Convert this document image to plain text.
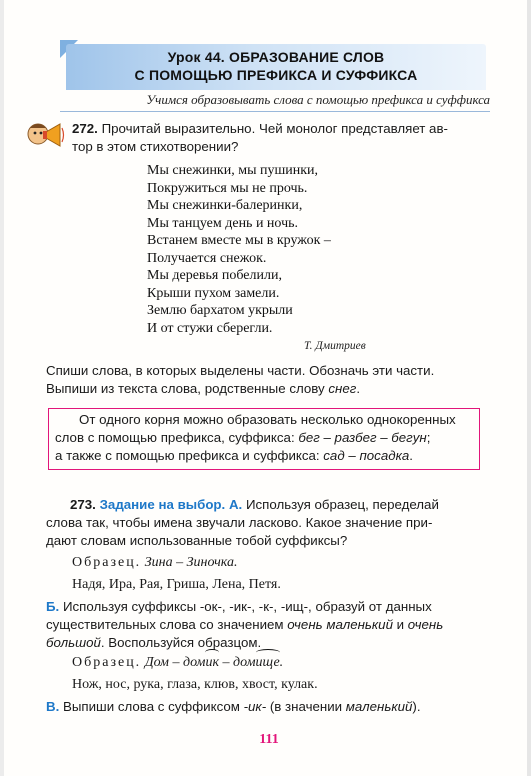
Урок 44. ОБРАЗОВАНИЕ СЛОВ
С ПОМОЩЬЮ ПРЕФИКСА И СУФФИКСА
Учимся образовывать слова с помощью префикса и суффикса
272. Прочитай выразительно. Чей монолог представляет ав-
тор в этом стихотворении?
Мы снежинки, мы пушинки,
Покружиться мы не прочь.
Мы снежинки-балеринки,
Мы танцуем день и ночь.
Встанем вместе мы в кружок –
Получается снежок.
Мы деревья побелили,
Крыши пухом замели.
Землю бархатом укрыли
И от стужи сберегли.
Т. Дмитриев
Спиши слова, в которых выделены части. Обозначь эти части.
Выпиши из текста слова, родственные слову снег.
От одного корня можно образовать несколько однокоренных
слов с помощью префикса, суффикса: бег – разбег – бегун;
а также с помощью префикса и суффикса: сад – посадка.
273. Задание на выбор. А. Используя образец, переделай
слова так, чтобы имена звучали ласково. Какое значение при-
дают словам использованные тобой суффиксы?
Образец. Зина – Зиночка.
Надя, Ира, Рая, Гриша, Лена, Петя.
Б. Используя суффиксы -ок-, -ик-, -к-, -ищ-, образуй от данных
существительных слова со значением очень маленький и очень
большой. Воспользуйся образцом.
Образец. Дом – дом
ик – дом
ище.
Нож, нос, рука, глаза, клюв, хвост, кулак.
В. Выпиши слова с суффиксом -ик- (в значении маленький).
111
